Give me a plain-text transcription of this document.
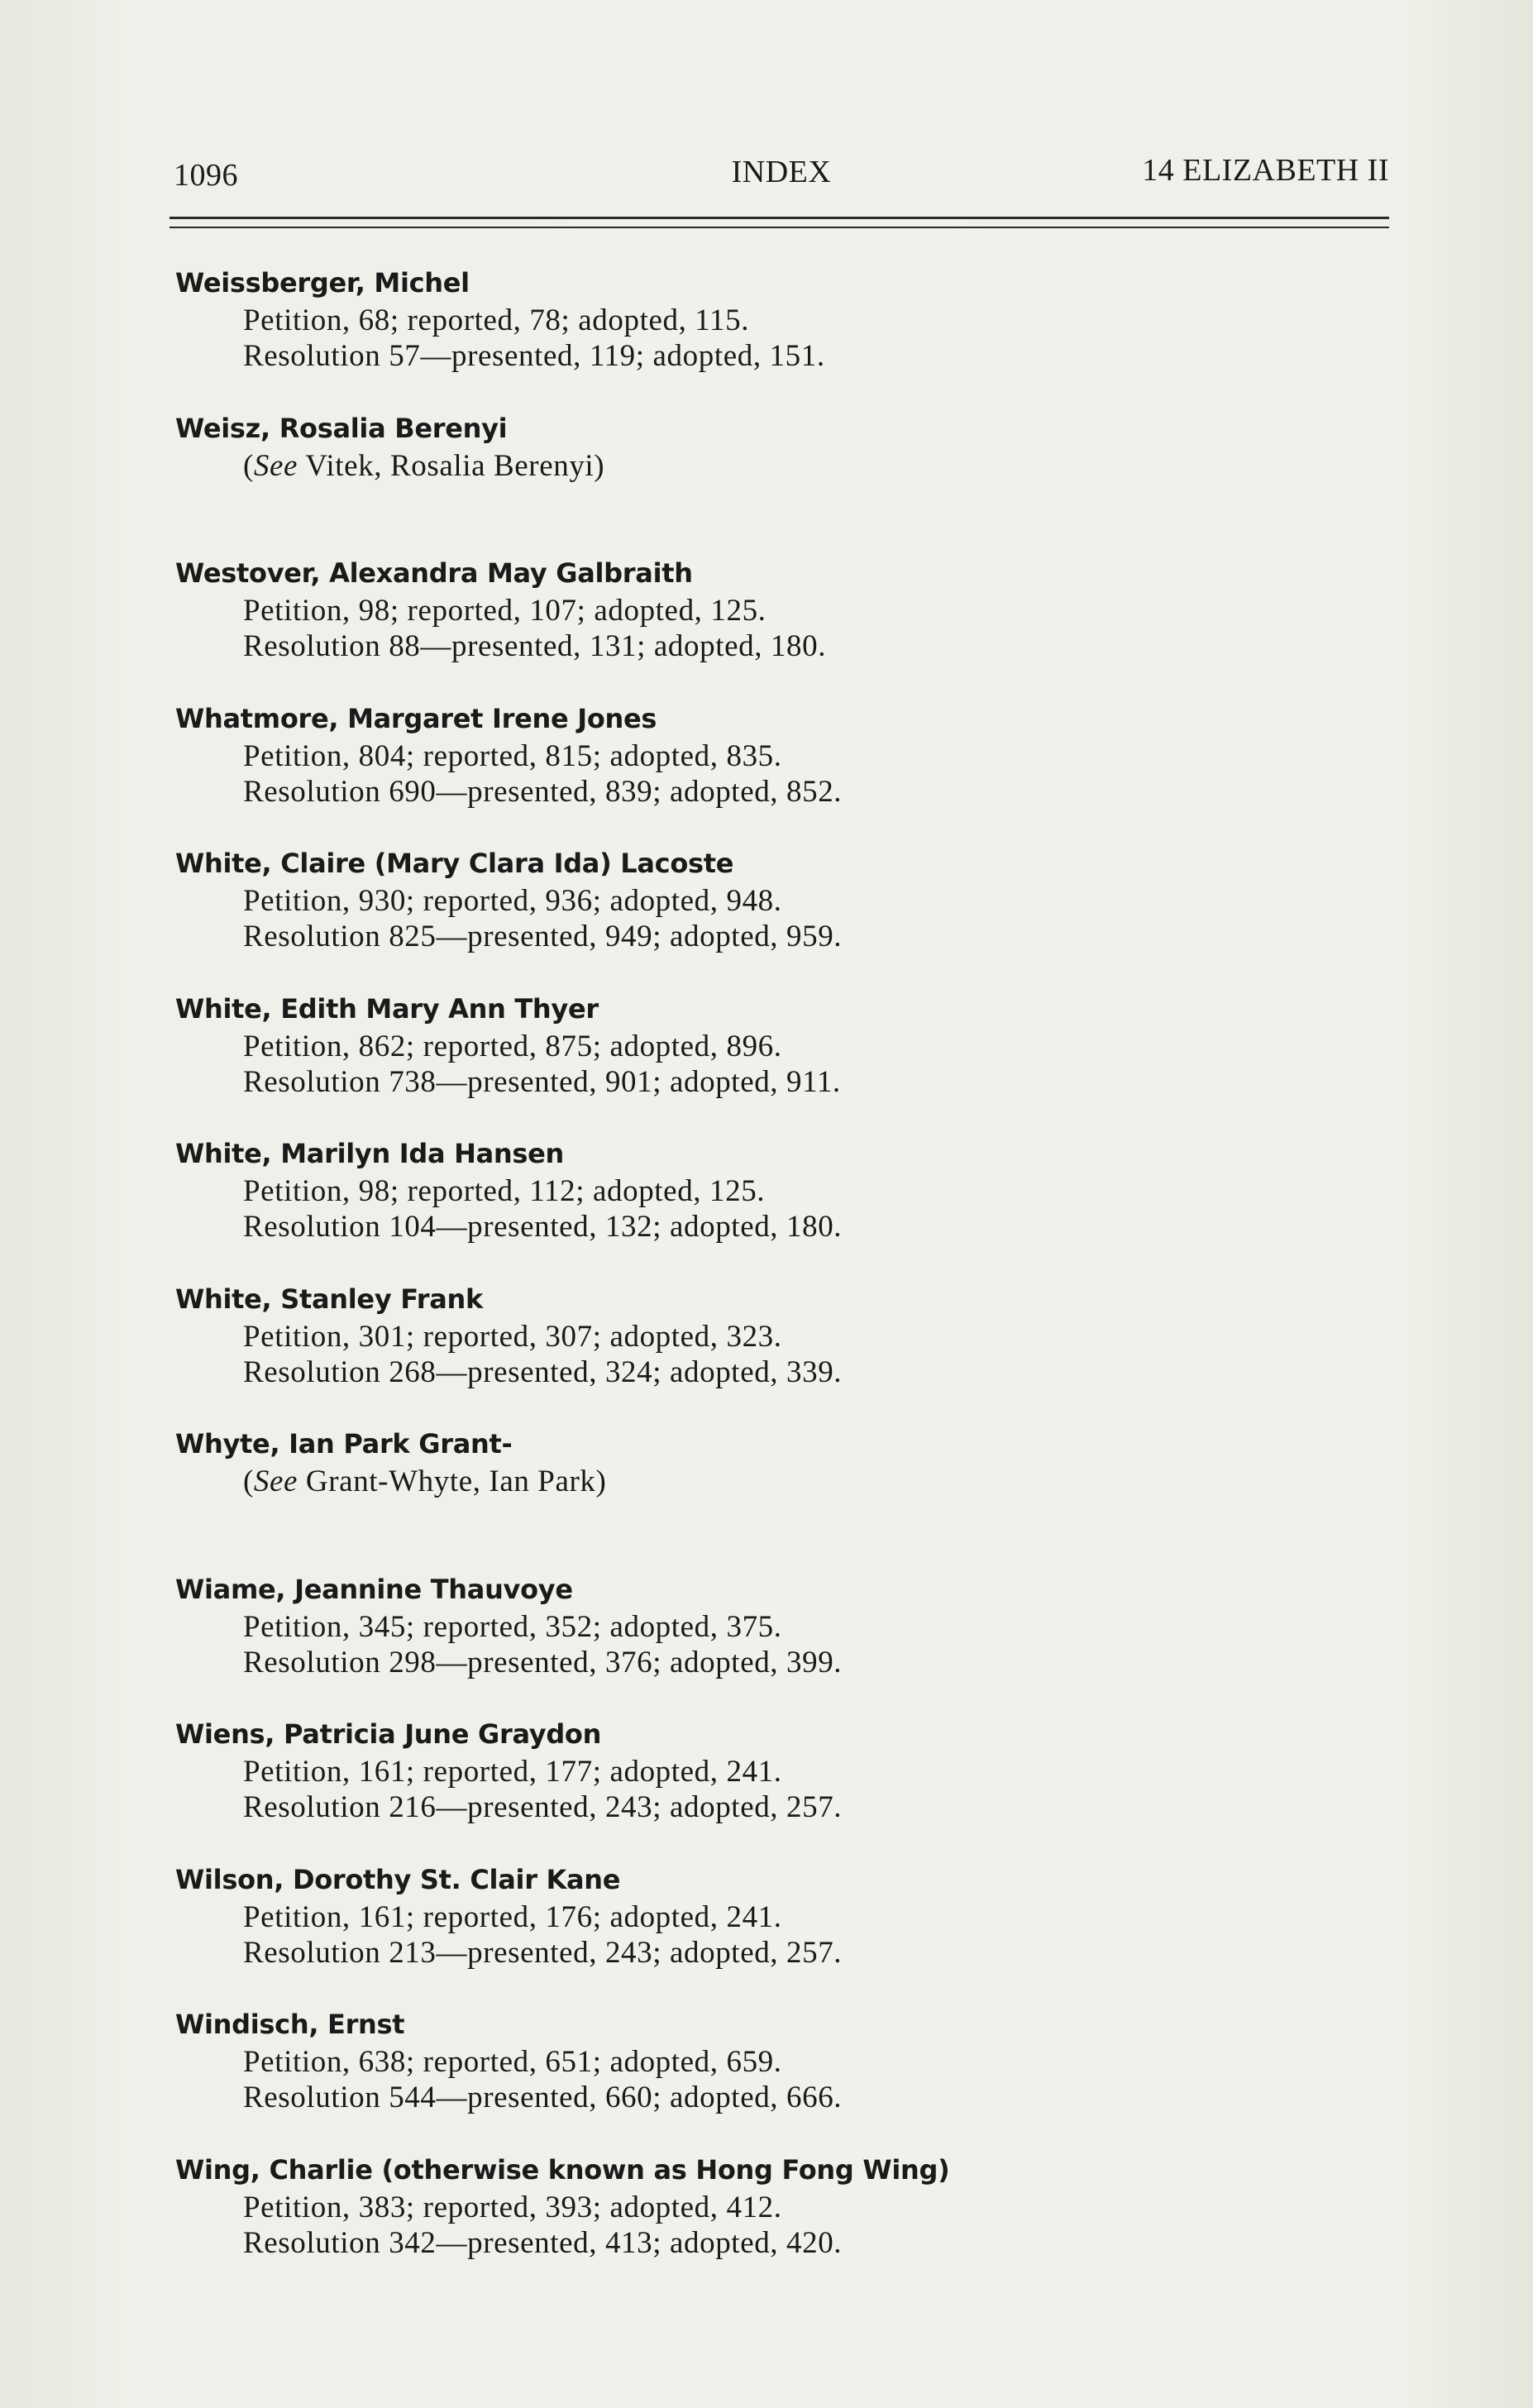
1096	INDEX	14 ELIZABETH II
Weissberger, Michel
Petition, 68; reported, 78; adopted, 115.
Resolution 57—presented, 119; adopted, 151.
Weisz, Rosalia Berenyi
(See Vitek, Rosalia Berenyi)
Westover, Alexandra May Galbraith
Petition, 98; reported, 107; adopted, 125.
Resolution 88—presented, 131; adopted, 180.
Whatmore, Margaret Irene Jones
Petition, 804; reported, 815; adopted, 835.
Resolution 690—presented, 839; adopted, 852.
White, Claire (Mary Clara Ida) Lacoste
Petition, 930; reported, 936; adopted, 948.
Resolution 825—presented, 949; adopted, 959.
White, Edith Mary Ann Thyer
Petition, 862; reported, 875; adopted, 896.
Resolution 738—presented, 901; adopted, 911.
White, Marilyn Ida Hansen
Petition, 98; reported, 112; adopted, 125.
Resolution 104—presented, 132; adopted, 180.
White, Stanley Frank
Petition, 301; reported, 307; adopted, 323.
Resolution 268—presented, 324; adopted, 339.
Whyte, Ian Park Grant-
(See Grant-Whyte, Ian Park)
Wiame, Jeannine Thauvoye
Petition, 345; reported, 352; adopted, 375.
Resolution 298—presented, 376; adopted, 399.
Wiens, Patricia June Graydon
Petition, 161; reported, 177; adopted, 241.
Resolution 216—presented, 243; adopted, 257.
Wilson, Dorothy St. Clair Kane
Petition, 161; reported, 176; adopted, 241.
Resolution 213—presented, 243; adopted, 257.
Windisch, Ernst
Petition, 638; reported, 651; adopted, 659.
Resolution 544—presented, 660; adopted, 666.
Wing, Charlie (otherwise known as Hong Fong Wing)
Petition, 383; reported, 393; adopted, 412.
Resolution 342—presented, 413; adopted, 420.
